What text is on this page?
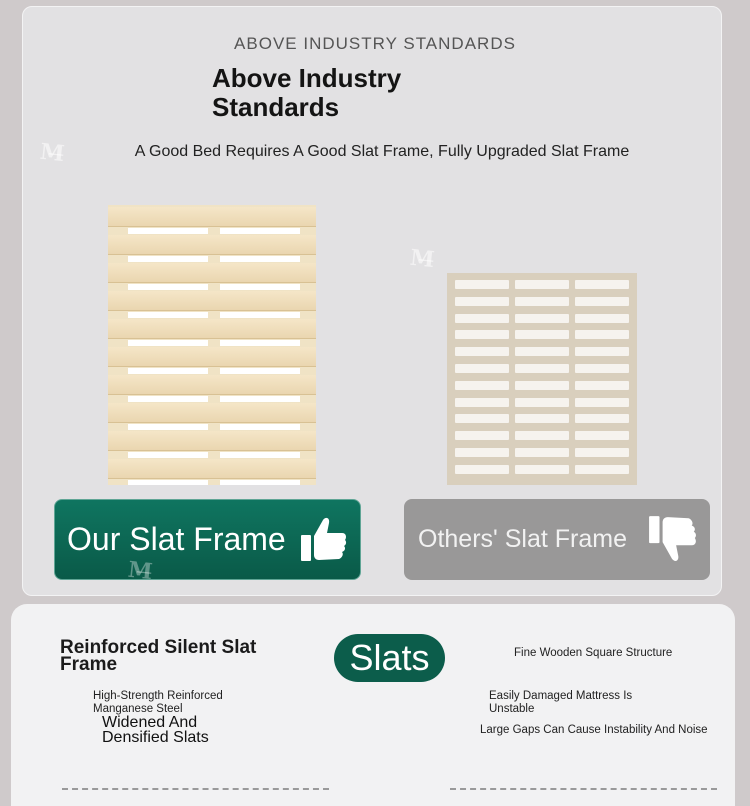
M̶
M̶
ABOVE INDUSTRY STANDARDS
Above Industry Standards
A Good Bed Requires A Good Slat Frame, Fully Upgraded Slat Frame
Our Slat Frame	Others' Slat Frame
M̶
Reinforced Silent Slat Frame
High-Strength Reinforced Manganese Steel
Widened And Densified Slats
Slats	Fine Wooden Square Structure
Easily Damaged Mattress Is Unstable
Large Gaps Can Cause Instability And Noise
